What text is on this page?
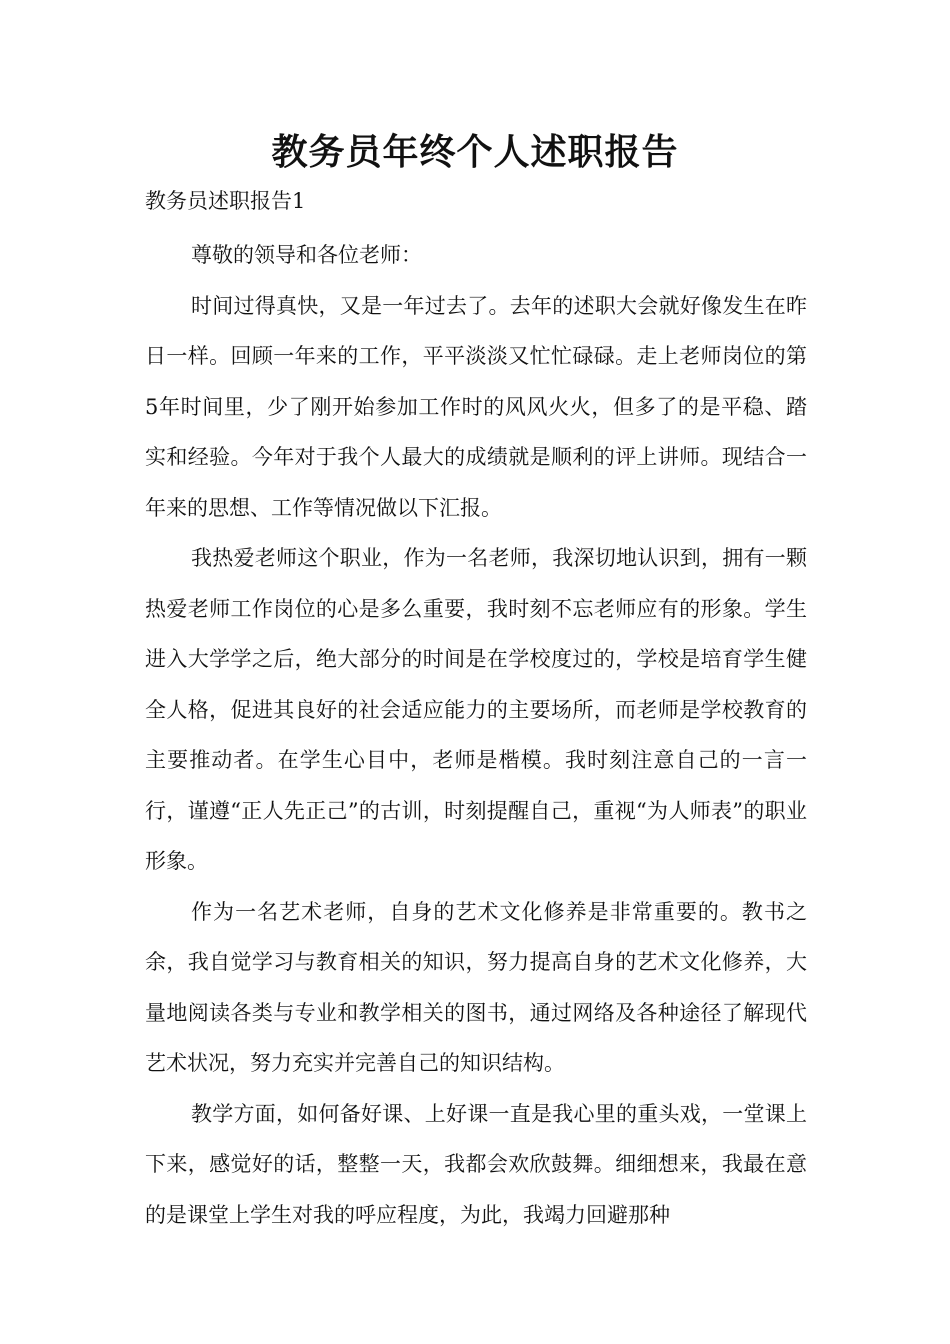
教务员年终个人述职报告

教务员述职报告1

尊敬的领导和各位老师：

时间过得真快，又是一年过去了。去年的述职大会就好像发生在昨日一样。回顾一年来的工作，平平淡淡又忙忙碌碌。走上老师岗位的第5年时间里，少了刚开始参加工作时的风风火火，但多了的是平稳、踏实和经验。今年对于我个人最大的成绩就是顺利的评上讲师。现结合一年来的思想、工作等情况做以下汇报。

我热爱老师这个职业，作为一名老师，我深切地认识到，拥有一颗热爱老师工作岗位的心是多么重要，我时刻不忘老师应有的形象。学生进入大学学之后，绝大部分的时间是在学校度过的，学校是培育学生健全人格，促进其良好的社会适应能力的主要场所，而老师是学校教育的主要推动者。在学生心目中，老师是楷模。我时刻注意自己的一言一行，谨遵“正人先正己”的古训，时刻提醒自己，重视“为人师表”的职业形象。

作为一名艺术老师，自身的艺术文化修养是非常重要的。教书之余，我自觉学习与教育相关的知识，努力提高自身的艺术文化修养，大量地阅读各类与专业和教学相关的图书，通过网络及各种途径了解现代艺术状况，努力充实并完善自己的知识结构。

教学方面，如何备好课、上好课一直是我心里的重头戏，一堂课上下来，感觉好的话，整整一天，我都会欢欣鼓舞。细细想来，我最在意的是课堂上学生对我的呼应程度，为此，我竭力回避那种
